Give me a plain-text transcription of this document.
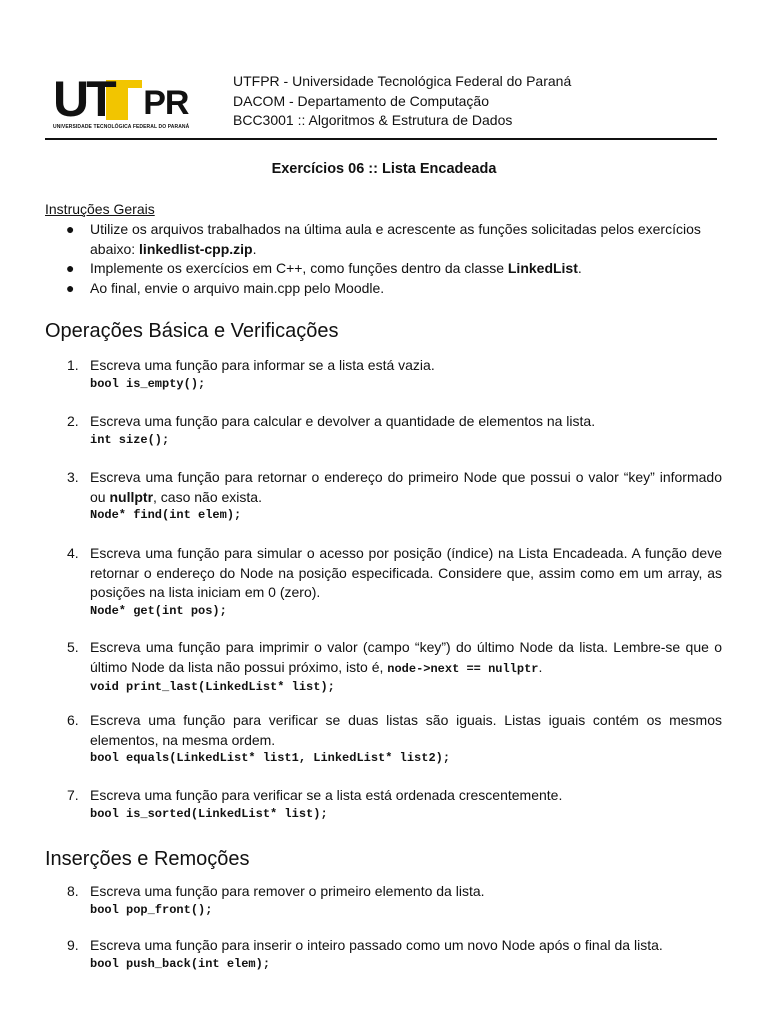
UT PR
UNIVERSIDADE TECNOLÓGICA FEDERAL DO PARANÁ
UTFPR - Universidade Tecnológica Federal do Paraná
DACOM - Departamento de Computação
BCC3001 :: Algoritmos & Estrutura de Dados
Exercícios 06 :: Lista Encadeada
Instruções Gerais
● Utilize os arquivos trabalhados na última aula e acrescente as funções solicitadas pelos exercícios abaixo: linkedlist-cpp.zip.
● Implemente os exercícios em C++, como funções dentro da classe LinkedList.
● Ao final, envie o arquivo main.cpp pelo Moodle.
Operações Básica e Verificações
1. Escreva uma função para informar se a lista está vazia.
bool is_empty();
2. Escreva uma função para calcular e devolver a quantidade de elementos na lista.
int size();
3. Escreva uma função para retornar o endereço do primeiro Node que possui o valor “key” informado ou nullptr, caso não exista.
Node* find(int elem);
4. Escreva uma função para simular o acesso por posição (índice) na Lista Encadeada. A função deve retornar o endereço do Node na posição especificada. Considere que, assim como em um array, as posições na lista iniciam em 0 (zero).
Node* get(int pos);
5. Escreva uma função para imprimir o valor (campo “key”) do último Node da lista. Lembre-se que o último Node da lista não possui próximo, isto é, node->next == nullptr.
void print_last(LinkedList* list);
6. Escreva uma função para verificar se duas listas são iguais. Listas iguais contém os mesmos elementos, na mesma ordem.
bool equals(LinkedList* list1, LinkedList* list2);
7. Escreva uma função para verificar se a lista está ordenada crescentemente.
bool is_sorted(LinkedList* list);
Inserções e Remoções
8. Escreva uma função para remover o primeiro elemento da lista.
bool pop_front();
9. Escreva uma função para inserir o inteiro passado como um novo Node após o final da lista.
bool push_back(int elem);
